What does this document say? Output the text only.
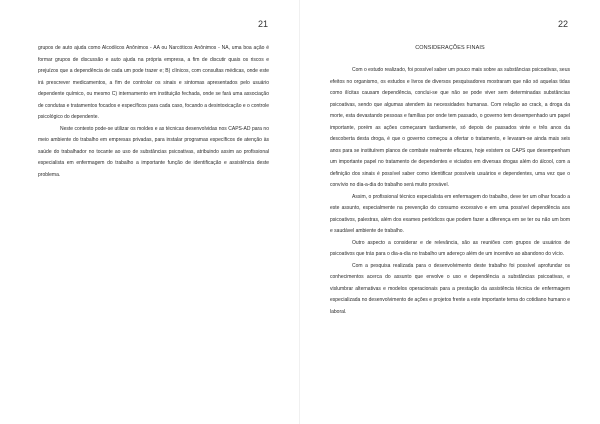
21

grupos de auto ajuda como Alcoólicos Anônimos - AA ou Narcóticos Anônimos - NA, uma boa ação é formar grupos de discussão e auto ajuda na própria empresa, a fim de discutir quais os riscos e prejuízos que a dependência de cada um pode trazer e; B) clínicos, com consultas médicas, onde este irá prescrever medicamentos, a fim de controlar os sinais e sintomas apresentados pelo usuário dependente químico, ou mesmo C) internamento em instituição fechada, onde se fará uma associação de condutas e tratamentos focados e específicos para cada caso, focando a desintoxicação e o controle psicológico do dependente.

Neste contexto pode-se utilizar os moldes e as técnicas desenvolvidas nos CAPS-AD para no meio ambiente do trabalho em empresas privadas, para instalar programas específicos de atenção às saúde do trabalhador no tocante ao uso de substâncias psicoativas, atribuindo assim ao profissional especialista em enfermagem do trabalho a importante função de identificação e assistência deste problema.

22
CONSIDERAÇÕES FINAIS

Com o estudo realizado, foi possível saber um pouco mais sobre as substâncias psicoativas, seus efeitos no organismo, os estudos e livros de diversos pesquisadores mostraram que não só aquelas tidas como ilícitas causam dependência, conclui-se que não se pode viver sem determinadas substâncias psicoativas, sendo que algumas atendem às necessidades humanas. Com relação ao crack, a droga da morte, esta devastando pessoas e famílias por onde tem passado, o governo tem desempenhado um papel importante, porém as ações começaram tardiamente, só depois de passados vinte e três anos da descoberta desta droga, é que o governo começou a ofertar o tratamento, e levaram-se ainda mais seis anos para se instituírem planos de combate realmente eficazes, hoje existem os CAPS que desempenham um importante papel no tratamento de dependentes e viciados em diversas drogas além do álcool, com a definição dos sinais é possível saber como identificar possíveis usuários e dependentes, uma vez que o convívio no dia-a-dia do trabalho será muito provável.

Assim, o profissional técnico especialista em enfermagem do trabalho, deve ter um olhar focado a este assunto, especialmente na prevenção do consumo excessivo e em uma possível dependência aos psicoativos, palestras, além dos exames periódicos que podem fazer a diferença em se ter ou não um bom e saudável ambiente de trabalho.

Outro aspecto a considerar e de relevância, são as reuniões com grupos de usuários de psicoativos que trás para o dia-a-dia no trabalho um adereço além de um incentivo ao abandono do vício.

Com a pesquisa realizada para o desenvolvimento deste trabalho foi possível aprofundar os conhecimentos acerca do assunto que envolve o uso e dependência a substâncias psicoativas, e vislumbrar alternativas e modelos operacionais para a prestação da assistência técnica de enfermagem especializada no desenvolvimento de ações e projetos frente a este importante tema do cotidiano humano e laboral.
